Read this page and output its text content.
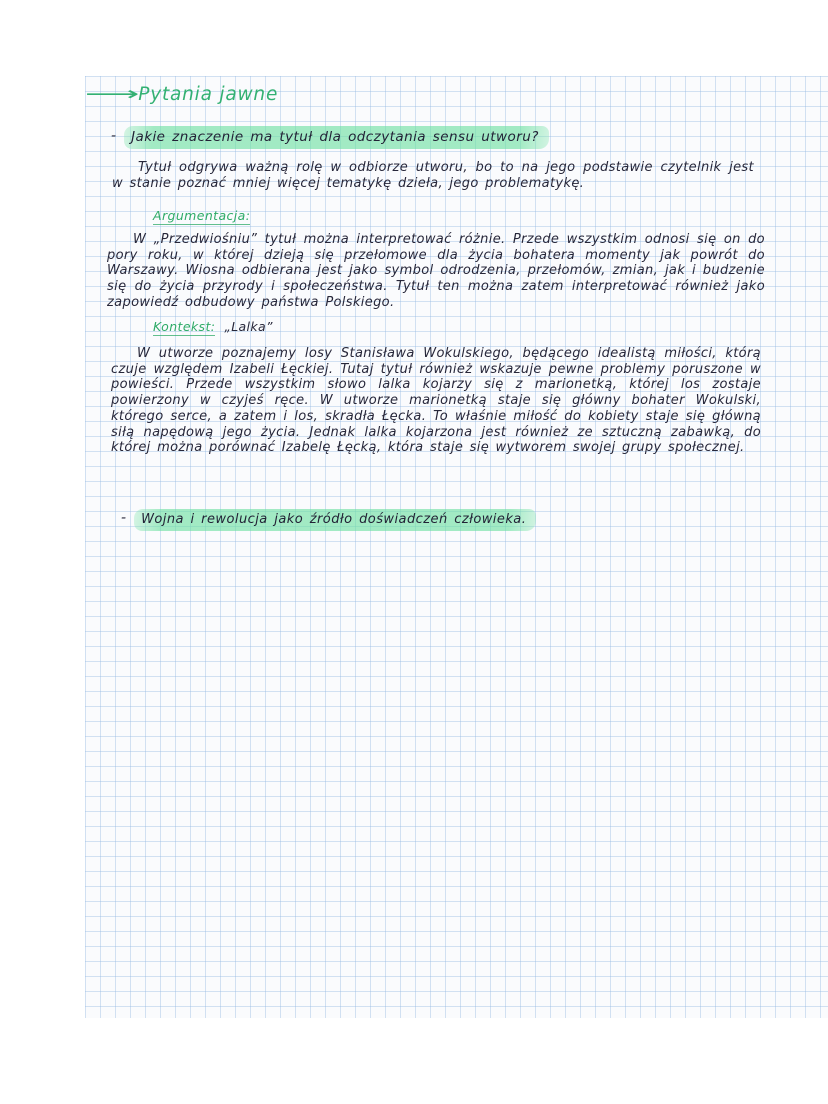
⟶
Pytania jawne
- Jakie znaczenie ma tytuł dla odczytania sensu utworu?

Tytuł odgrywa ważną rolę w odbiorze utworu, bo to na jego podstawie czytelnik jest w stanie poznać mniej więcej tematykę dzieła, jego problematykę.

Argumentacja:

W „Przedwiośniu” tytuł można interpretować różnie. Przede wszystkim odnosi się on do pory roku, w której dzieją się przełomowe dla życia bohatera momenty jak powrót do Warszawy. Wiosna odbierana jest jako symbol odrodzenia, przełomów, zmian, jak i budzenie się do życia przyrody i społeczeństwa. Tytuł ten można zatem interpretować również jako zapowiedź odbudowy państwa Polskiego.

Kontekst: „Lalka”

W utworze poznajemy losy Stanisława Wokulskiego, będącego idealistą miłości, którą czuje względem Izabeli Łęckiej. Tutaj tytuł również wskazuje pewne problemy poruszone w powieści. Przede wszystkim słowo lalka kojarzy się z marionetką, której los zostaje powierzony w czyjeś ręce. W utworze marionetką staje się główny bohater Wokulski, którego serce, a zatem i los, skradła Łęcka. To właśnie miłość do kobiety staje się główną siłą napędową jego życia. Jednak lalka kojarzona jest również ze sztuczną zabawką, do której można porównać Izabelę Łęcką, która staje się wytworem swojej grupy społecznej.

- Wojna i rewolucja jako źródło doświadczeń człowieka.
